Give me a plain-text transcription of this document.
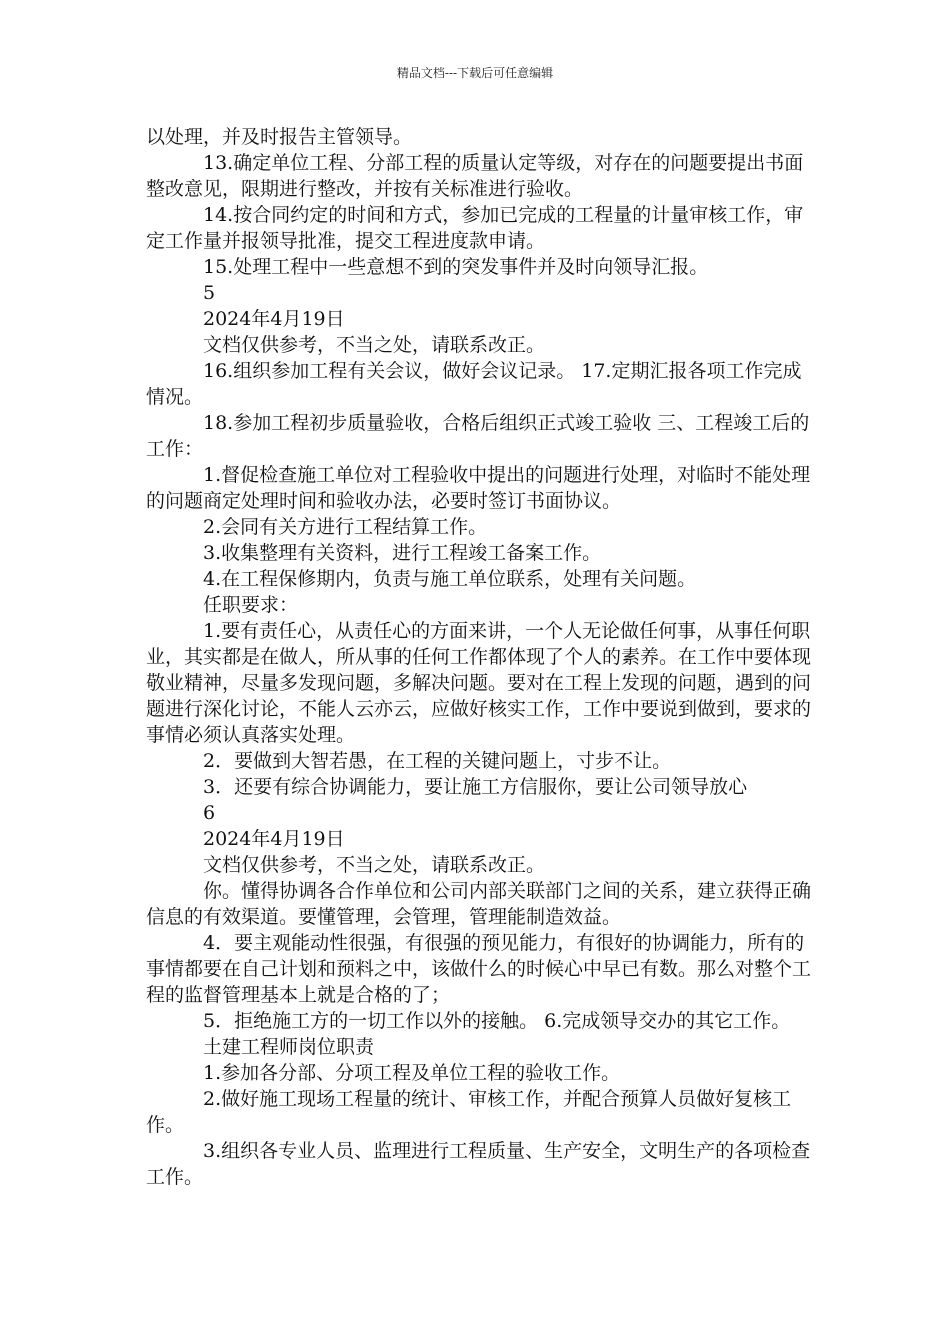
精品文档---下载后可任意编辑

以处理，并及时报告主管领导。

13.确定单位工程、分部工程的质量认定等级，对存在的问题要提出书面整改意见，限期进行整改，并按有关标准进行验收。

14.按合同约定的时间和方式，参加已完成的工程量的计量审核工作，审定工作量并报领导批准，提交工程进度款申请。

15.处理工程中一些意想不到的突发事件并及时向领导汇报。

5

2024年4月19日

文档仅供参考，不当之处，请联系改正。

16.组织参加工程有关会议，做好会议记录。 17.定期汇报各项工作完成情况。

18.参加工程初步质量验收，合格后组织正式竣工验收 三、工程竣工后的工作：

1.督促检查施工单位对工程验收中提出的问题进行处理，对临时不能处理的问题商定处理时间和验收办法，必要时签订书面协议。

2.会同有关方进行工程结算工作。

3.收集整理有关资料，进行工程竣工备案工作。

4.在工程保修期内，负责与施工单位联系，处理有关问题。

任职要求：

1.要有责任心，从责任心的方面来讲，一个人无论做任何事，从事任何职业，其实都是在做人，所从事的任何工作都体现了个人的素养。在工作中要体现敬业精神，尽量多发现问题，多解决问题。要对在工程上发现的问题，遇到的问题进行深化讨论，不能人云亦云，应做好核实工作，工作中要说到做到，要求的事情必须认真落实处理。

2．要做到大智若愚，在工程的关键问题上，寸步不让。

3．还要有综合协调能力，要让施工方信服你，要让公司领导放心

6

2024年4月19日

文档仅供参考，不当之处，请联系改正。

你。懂得协调各合作单位和公司内部关联部门之间的关系，建立获得正确信息的有效渠道。要懂管理，会管理，管理能制造效益。

4．要主观能动性很强，有很强的预见能力，有很好的协调能力，所有的事情都要在自己计划和预料之中，该做什么的时候心中早已有数。那么对整个工程的监督管理基本上就是合格的了；

5．拒绝施工方的一切工作以外的接触。 6.完成领导交办的其它工作。

土建工程师岗位职责

1.参加各分部、分项工程及单位工程的验收工作。

2.做好施工现场工程量的统计、审核工作，并配合预算人员做好复核工作。

3.组织各专业人员、监理进行工程质量、生产安全，文明生产的各项检查工作。
